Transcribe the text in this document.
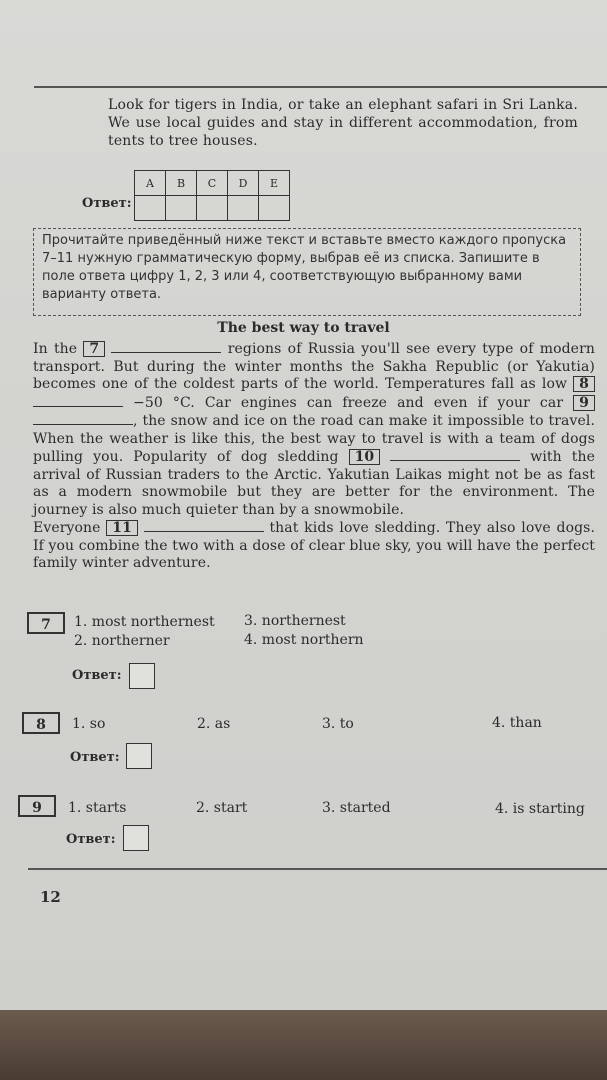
Look for tigers in India, or take an elephant safari in Sri Lanka. We use local guides and stay in different accommodation, from tents to tree houses.
Ответ:
A	B	C	D	E

Прочитайте приведённый ниже текст и вставьте вместо каждого пропуска 7–11 нужную грамматическую форму, выбрав её из списка. Запишите в поле ответа цифру 1, 2, 3 или 4, соответствующую выбранному вами варианту ответа.
The best way to travel
In the 7	regions of Russia you'll see every type of modern transport. But during the winter months the Sakha Republic (or Yakutia) becomes one of the coldest parts of the world. Temperatures fall as low 8  −50 °C. Car engines can freeze and even if your car 9 , the snow and ice on the road can make it impossible to travel. When the weather is like this, the best way to travel is with a team of dogs pulling you. Popularity of dog sledding 10	with the arrival of Russian traders to the Arctic. Yakutian Laikas might not be as fast as a modern snowmobile but they are better for the environment. The journey is also much quieter than by a snowmobile.
Everyone 11	that kids love sledding. They also love dogs. If you combine the two with a dose of clear blue sky, you will have the perfect family winter adventure.
7	1. most northernest
2. northerner
3. northernest
4. most northern
Ответ:
8	1. so	2. as	3. to	4. than
Ответ:
9	1. starts	2. start	3. started	4. is starting
Ответ:
12
